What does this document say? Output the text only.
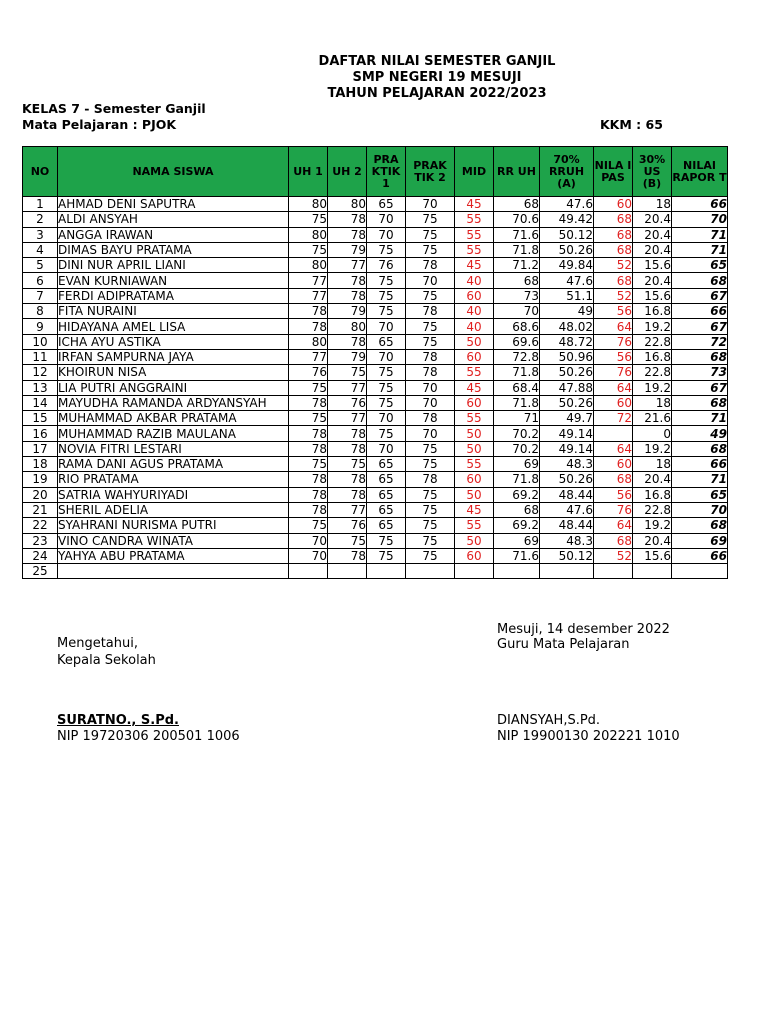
DAFTAR NILAI SEMESTER GANJIL
SMP NEGERI 19 MESUJI
TAHUN PELAJARAN 2022/2023
KELAS 7 - Semester Ganjil
Mata Pelajaran : PJOK	KKM : 65
NO	NAMA SISWA	UH 1	UH 2	PRA KTIK 1	PRAK TIK 2	MID	RR UH	70% RRUH (A)	NILA I PAS	30% US (B)	NILAI RAPOR T
1	AHMAD DENI SAPUTRA	80	80	65	70	45	68	47.6	60	18	66
2	ALDI ANSYAH	75	78	70	75	55	70.6	49.42	68	20.4	70
3	ANGGA IRAWAN	80	78	70	75	55	71.6	50.12	68	20.4	71
4	DIMAS BAYU PRATAMA	75	79	75	75	55	71.8	50.26	68	20.4	71
5	DINI NUR APRIL LIANI	80	77	76	78	45	71.2	49.84	52	15.6	65
6	EVAN KURNIAWAN	77	78	75	70	40	68	47.6	68	20.4	68
7	FERDI ADIPRATAMA	77	78	75	75	60	73	51.1	52	15.6	67
8	FITA NURAINI	78	79	75	78	40	70	49	56	16.8	66
9	HIDAYANA AMEL LISA	78	80	70	75	40	68.6	48.02	64	19.2	67
10	ICHA AYU ASTIKA	80	78	65	75	50	69.6	48.72	76	22.8	72
11	IRFAN SAMPURNA JAYA	77	79	70	78	60	72.8	50.96	56	16.8	68
12	KHOIRUN NISA	76	75	75	78	55	71.8	50.26	76	22.8	73
13	LIA PUTRI ANGGRAINI	75	77	75	70	45	68.4	47.88	64	19.2	67
14	MAYUDHA RAMANDA ARDYANSYAH	78	76	75	70	60	71.8	50.26	60	18	68
15	MUHAMMAD AKBAR PRATAMA	75	77	70	78	55	71	49.7	72	21.6	71
16	MUHAMMAD RAZIB MAULANA	78	78	75	70	50	70.2	49.14		0	49
17	NOVIA FITRI LESTARI	78	78	70	75	50	70.2	49.14	64	19.2	68
18	RAMA DANI AGUS PRATAMA	75	75	65	75	55	69	48.3	60	18	66
19	RIO PRATAMA	78	78	65	78	60	71.8	50.26	68	20.4	71
20	SATRIA WAHYURIYADI	78	78	65	75	50	69.2	48.44	56	16.8	65
21	SHERIL ADELIA	78	77	65	75	45	68	47.6	76	22.8	70
22	SYAHRANI NURISMA PUTRI	75	76	65	75	55	69.2	48.44	64	19.2	68
23	VINO CANDRA WINATA	70	75	75	75	50	69	48.3	68	20.4	69
24	YAHYA ABU PRATAMA	70	78	75	75	60	71.6	50.12	52	15.6	66
25											
Mengetahui,
Kepala Sekolah
SURATNO., S.Pd.
NIP 19720306 200501 1006
Mesuji, 14 desember 2022
Guru Mata Pelajaran
DIANSYAH,S.Pd.
NIP 19900130 202221 1010
